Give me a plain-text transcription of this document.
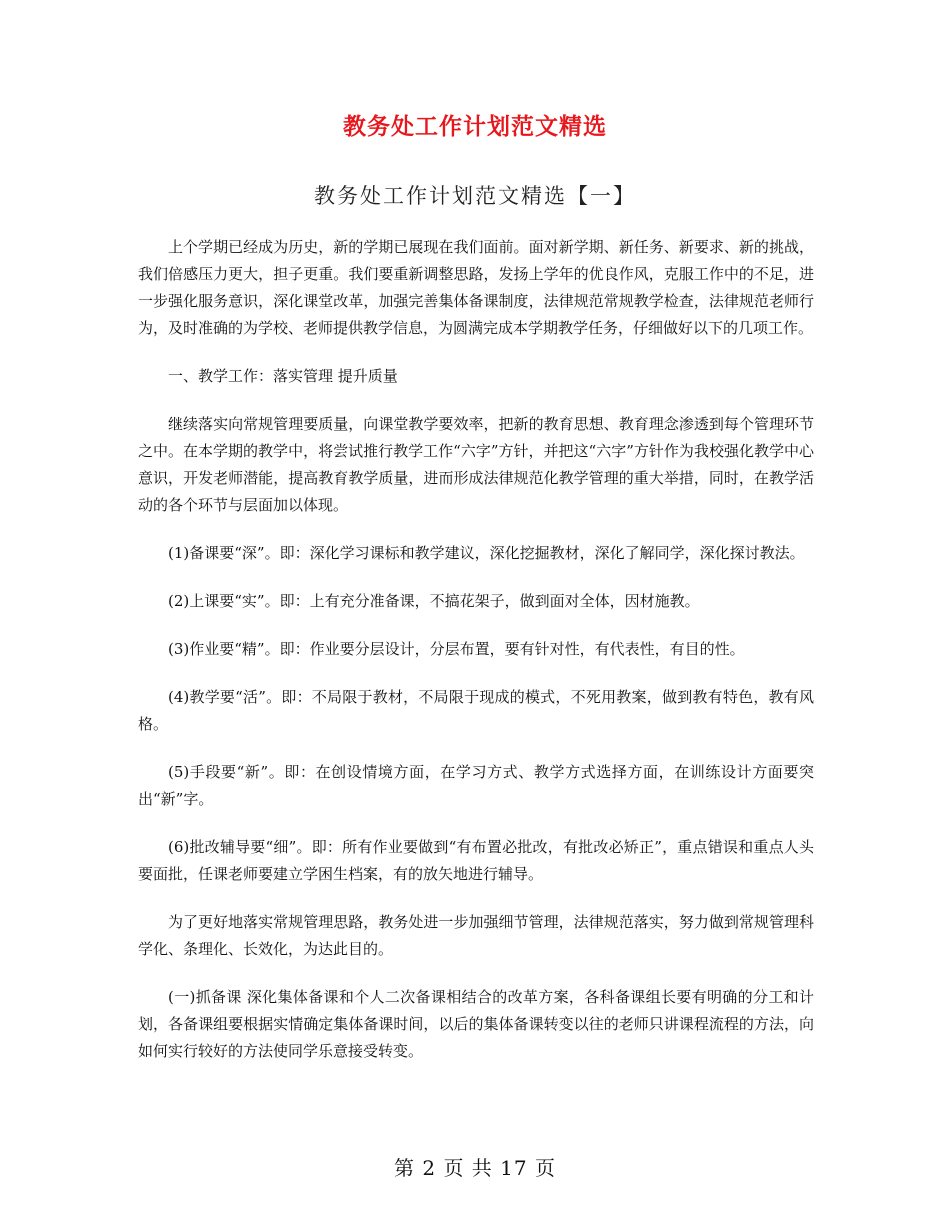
教务处工作计划范文精选
教务处工作计划范文精选【一】

上个学期已经成为历史，新的学期已展现在我们面前。面对新学期、新任务、新要求、新的挑战，我们倍感压力更大，担子更重。我们要重新调整思路，发扬上学年的优良作风，克服工作中的不足，进一步强化服务意识，深化课堂改革，加强完善集体备课制度，法律规范常规教学检查，法律规范老师行为，及时准确的为学校、老师提供教学信息，为圆满完成本学期教学任务，仔细做好以下的几项工作。

一、教学工作：落实管理 提升质量

继续落实向常规管理要质量，向课堂教学要效率，把新的教育思想、教育理念渗透到每个管理环节之中。在本学期的教学中，将尝试推行教学工作“六字”方针，并把这“六字”方针作为我校强化教学中心意识，开发老师潜能，提高教育教学质量，进而形成法律规范化教学管理的重大举措，同时，在教学活动的各个环节与层面加以体现。

(1)备课要“深”。即：深化学习课标和教学建议，深化挖掘教材，深化了解同学，深化探讨教法。

(2)上课要“实”。即：上有充分准备课，不搞花架子，做到面对全体，因材施教。

(3)作业要“精”。即：作业要分层设计，分层布置，要有针对性，有代表性，有目的性。

(4)教学要“活”。即：不局限于教材，不局限于现成的模式，不死用教案，做到教有特色，教有风格。

(5)手段要“新”。即：在创设情境方面，在学习方式、教学方式选择方面，在训练设计方面要突出“新”字。

(6)批改辅导要“细”。即：所有作业要做到“有布置必批改，有批改必矫正”，重点错误和重点人头要面批，任课老师要建立学困生档案，有的放矢地进行辅导。

为了更好地落实常规管理思路，教务处进一步加强细节管理，法律规范落实，努力做到常规管理科学化、条理化、长效化，为达此目的。

(一)抓备课 深化集体备课和个人二次备课相结合的改革方案，各科备课组长要有明确的分工和计划，各备课组要根据实情确定集体备课时间，以后的集体备课转变以往的老师只讲课程流程的方法，向如何实行较好的方法使同学乐意接受转变。

第 2 页 共 17 页
